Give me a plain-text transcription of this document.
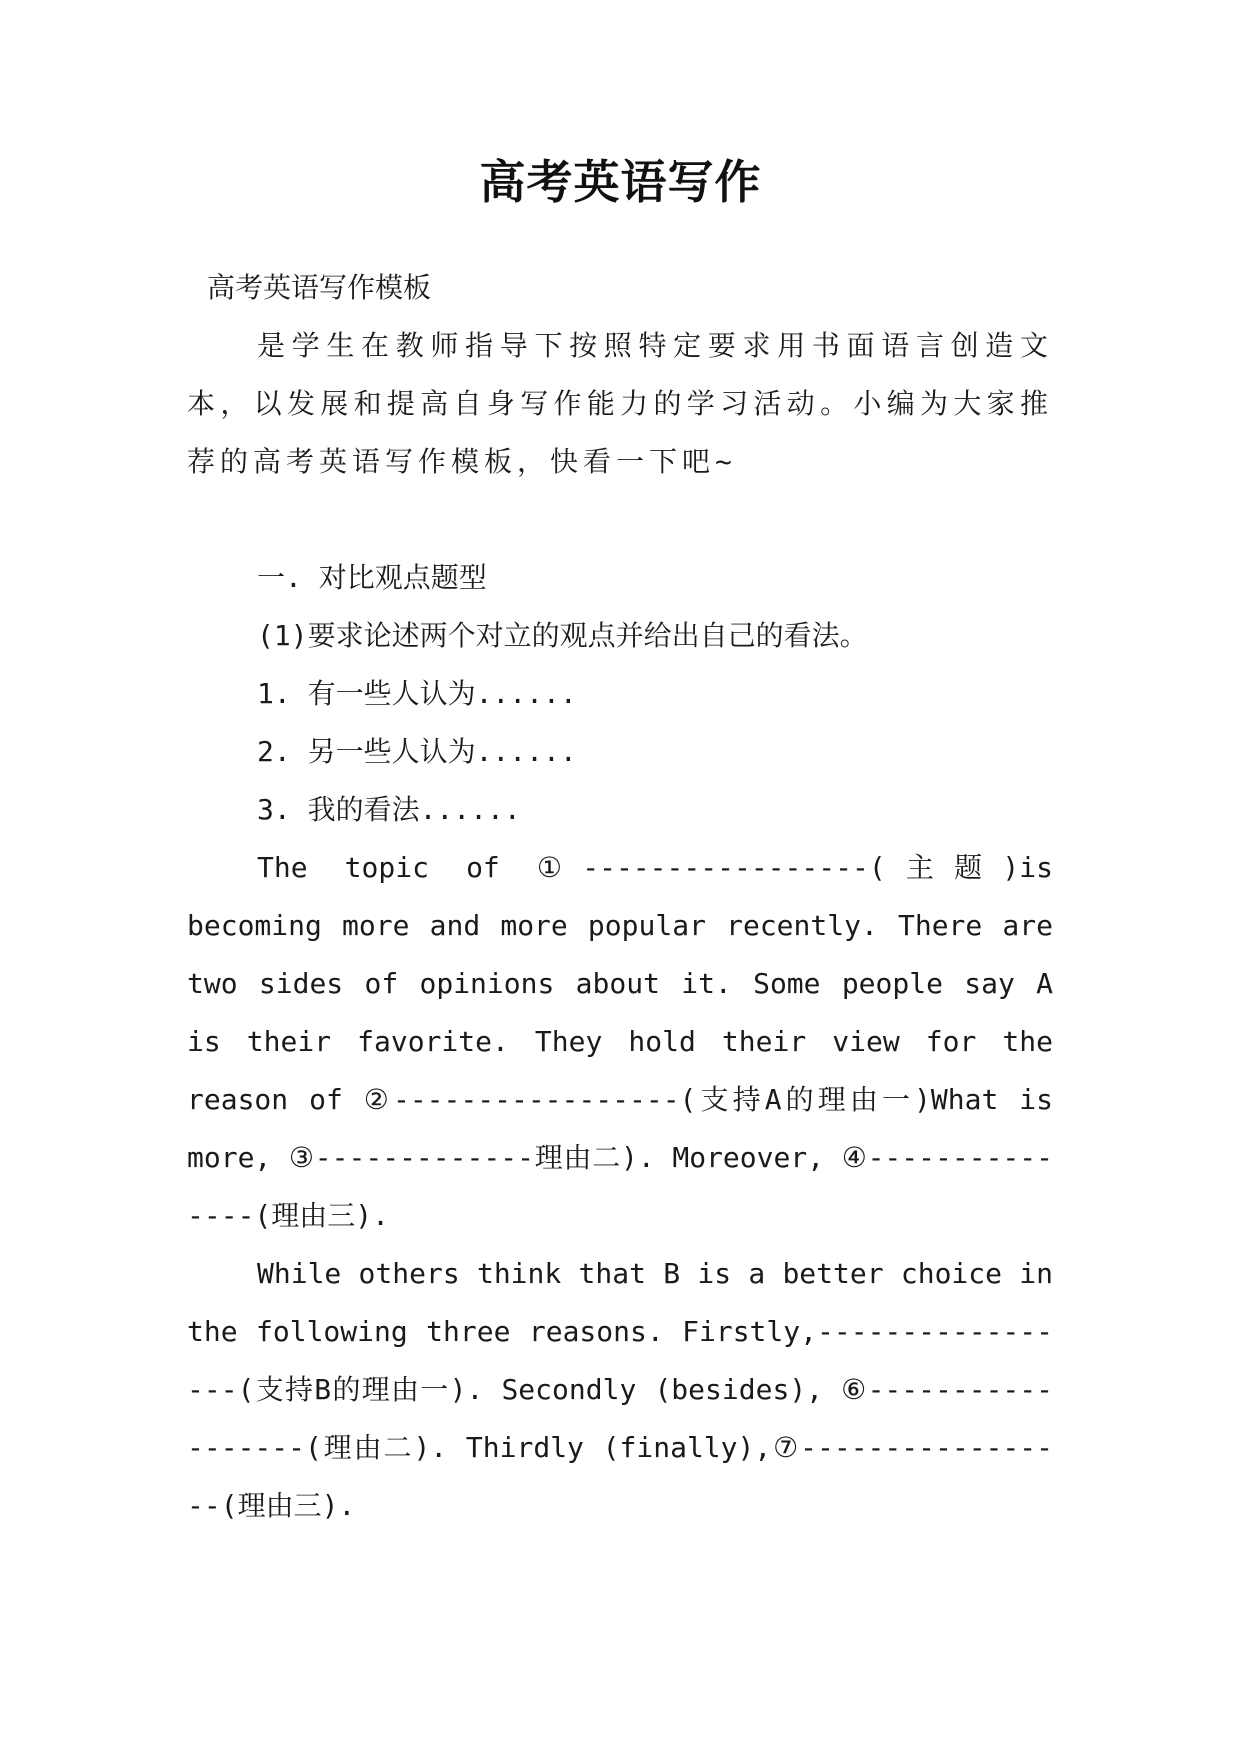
高考英语写作

高考英语写作模板

是学生在教师指导下按照特定要求用书面语言创造文本，以发展和提高自身写作能力的学习活动。小编为大家推荐的高考英语写作模板，快看一下吧~

一. 对比观点题型

(1)要求论述两个对立的观点并给出自己的看法。

1. 有一些人认为......

2. 另一些人认为......

3. 我的看法......

The topic of ①-----------------(主题)is becoming more and more popular recently. There are two sides of opinions about it. Some people say A is their favorite. They hold their view for the reason of ②-----------------(支持A的理由一)What is more, ③-------------理由二). Moreover, ④---------------(理由三).

While others think that B is a better choice in the following three reasons. Firstly,-----------------(支持B的理由一). Secondly (besides), ⑥------------------(理由二). Thirdly (finally),⑦-----------------(理由三).
